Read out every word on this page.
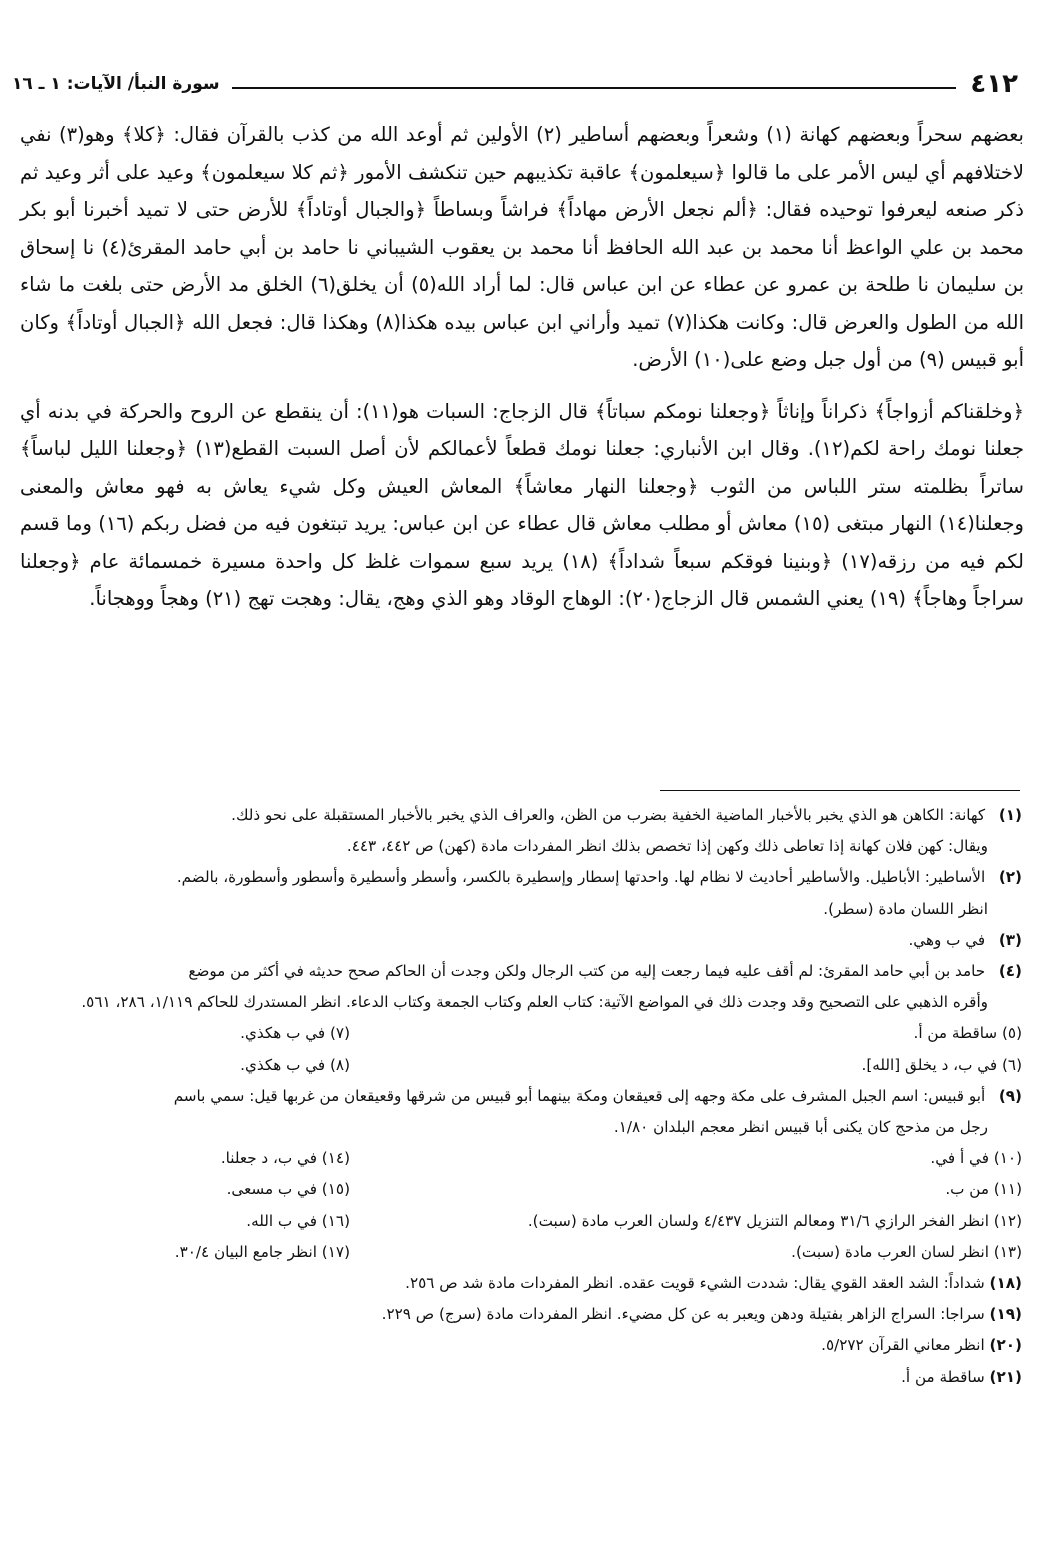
٤١٢
سورة النبأ/ الآيات: ١ ـ ١٦

بعضهم سحراً وبعضهم كهانة (١) وشعراً وبعضهم أساطير (٢) الأولين ثم أوعد الله من كذب بالقرآن فقال: ﴿كلا﴾ وهو(٣) نفي لاختلافهم أي ليس الأمر على ما قالوا ﴿سيعلمون﴾ عاقبة تكذيبهم حين تنكشف الأمور ﴿ثم كلا سيعلمون﴾ وعيد على أثر وعيد ثم ذكر صنعه ليعرفوا توحيده فقال: ﴿ألم نجعل الأرض مهاداً﴾ فراشاً وبساطاً ﴿والجبال أوتاداً﴾ للأرض حتى لا تميد أخبرنا أبو بكر محمد بن علي الواعظ أنا محمد بن عبد الله الحافظ أنا محمد بن يعقوب الشيباني نا حامد بن أبي حامد المقرئ(٤) نا إسحاق بن سليمان نا طلحة بن عمرو عن عطاء عن ابن عباس قال: لما أراد الله(٥) أن يخلق(٦) الخلق مد الأرض حتى بلغت ما شاء الله من الطول والعرض قال: وكانت هكذا(٧) تميد وأراني ابن عباس بيده هكذا(٨) وهكذا قال: فجعل الله ﴿الجبال أوتاداً﴾ وكان أبو قبيس (٩) من أول جبل وضع على(١٠) الأرض.

﴿وخلقناكم أزواجاً﴾ ذكراناً وإناثاً ﴿وجعلنا نومكم سباتاً﴾ قال الزجاج: السبات هو(١١): أن ينقطع عن الروح والحركة في بدنه أي جعلنا نومك راحة لكم(١٢). وقال ابن الأنباري: جعلنا نومك قطعاً لأعمالكم لأن أصل السبت القطع(١٣) ﴿وجعلنا الليل لباساً﴾ ساتراً بظلمته ستر اللباس من الثوب ﴿وجعلنا النهار معاشاً﴾ المعاش العيش وكل شيء يعاش به فهو معاش والمعنى وجعلنا(١٤) النهار مبتغى (١٥) معاش أو مطلب معاش قال عطاء عن ابن عباس: يريد تبتغون فيه من فضل ربكم (١٦) وما قسم لكم فيه من رزقه(١٧) ﴿وبنينا فوقكم سبعاً شداداً﴾ (١٨) يريد سبع سموات غلظ كل واحدة مسيرة خمسمائة عام ﴿وجعلنا سراجاً وهاجاً﴾ (١٩) يعني الشمس قال الزجاج(٢٠): الوهاج الوقاد وهو الذي وهج، يقال: وهجت تهج (٢١) وهجاً ووهجاناً.

(١) كهانة: الكاهن هو الذي يخبر بالأخبار الماضية الخفية بضرب من الظن، والعراف الذي يخبر بالأخبار المستقبلة على نحو ذلك.
ويقال: كهن فلان كهانة إذا تعاطى ذلك وكهن إذا تخصص بذلك انظر المفردات مادة (كهن) ص ٤٤٢، ٤٤٣.
(٢) الأساطير: الأباطيل. والأساطير أحاديث لا نظام لها. واحدتها إسطار وإسطيرة بالكسر، وأسطر وأسطيرة وأسطور وأسطورة، بالضم.
انظر اللسان مادة (سطر).
(٣) في ب وهي.
(٤) حامد بن أبي حامد المقرئ: لم أقف عليه فيما رجعت إليه من كتب الرجال ولكن وجدت أن الحاكم صحح حديثه في أكثر من موضع
وأقره الذهبي على التصحيح وقد وجدت ذلك في المواضع الآتية: كتاب العلم وكتاب الجمعة وكتاب الدعاء. انظر المستدرك للحاكم ١/١١٩، ٢٨٦، ٥٦١.
(٥) ساقطة من أ.
(٧) في ب هكذي.
(٦) في ب، د يخلق [الله].
(٨) في ب هكذي.
(٩) أبو قبيس: اسم الجبل المشرف على مكة وجهه إلى قعيقعان ومكة بينهما أبو قبيس من شرقها وقعيقعان من غربها قيل: سمي باسم
رجل من مذحج كان يكنى أبا قبيس انظر معجم البلدان ١/٨٠.
(١٠) في أ في.
(١٤) في ب، د جعلنا.
(١١) من ب.
(١٥) في ب مسعى.
(١٢) انظر الفخر الرازي ٣١/٦ ومعالم التنزيل ٤/٤٣٧ ولسان العرب مادة (سبت).
(١٦) في ب الله.
(١٣) انظر لسان العرب مادة (سبت).
(١٧) انظر جامع البيان ٣٠/٤.
(١٨) شداداً: الشد العقد القوي يقال: شددت الشيء قويت عقده. انظر المفردات مادة شد ص ٢٥٦.
(١٩) سراجا: السراج الزاهر بفتيلة ودهن ويعبر به عن كل مضيء. انظر المفردات مادة (سرج) ص ٢٢٩.
(٢٠) انظر معاني القرآن ٥/٢٧٢.
(٢١) ساقطة من أ.
